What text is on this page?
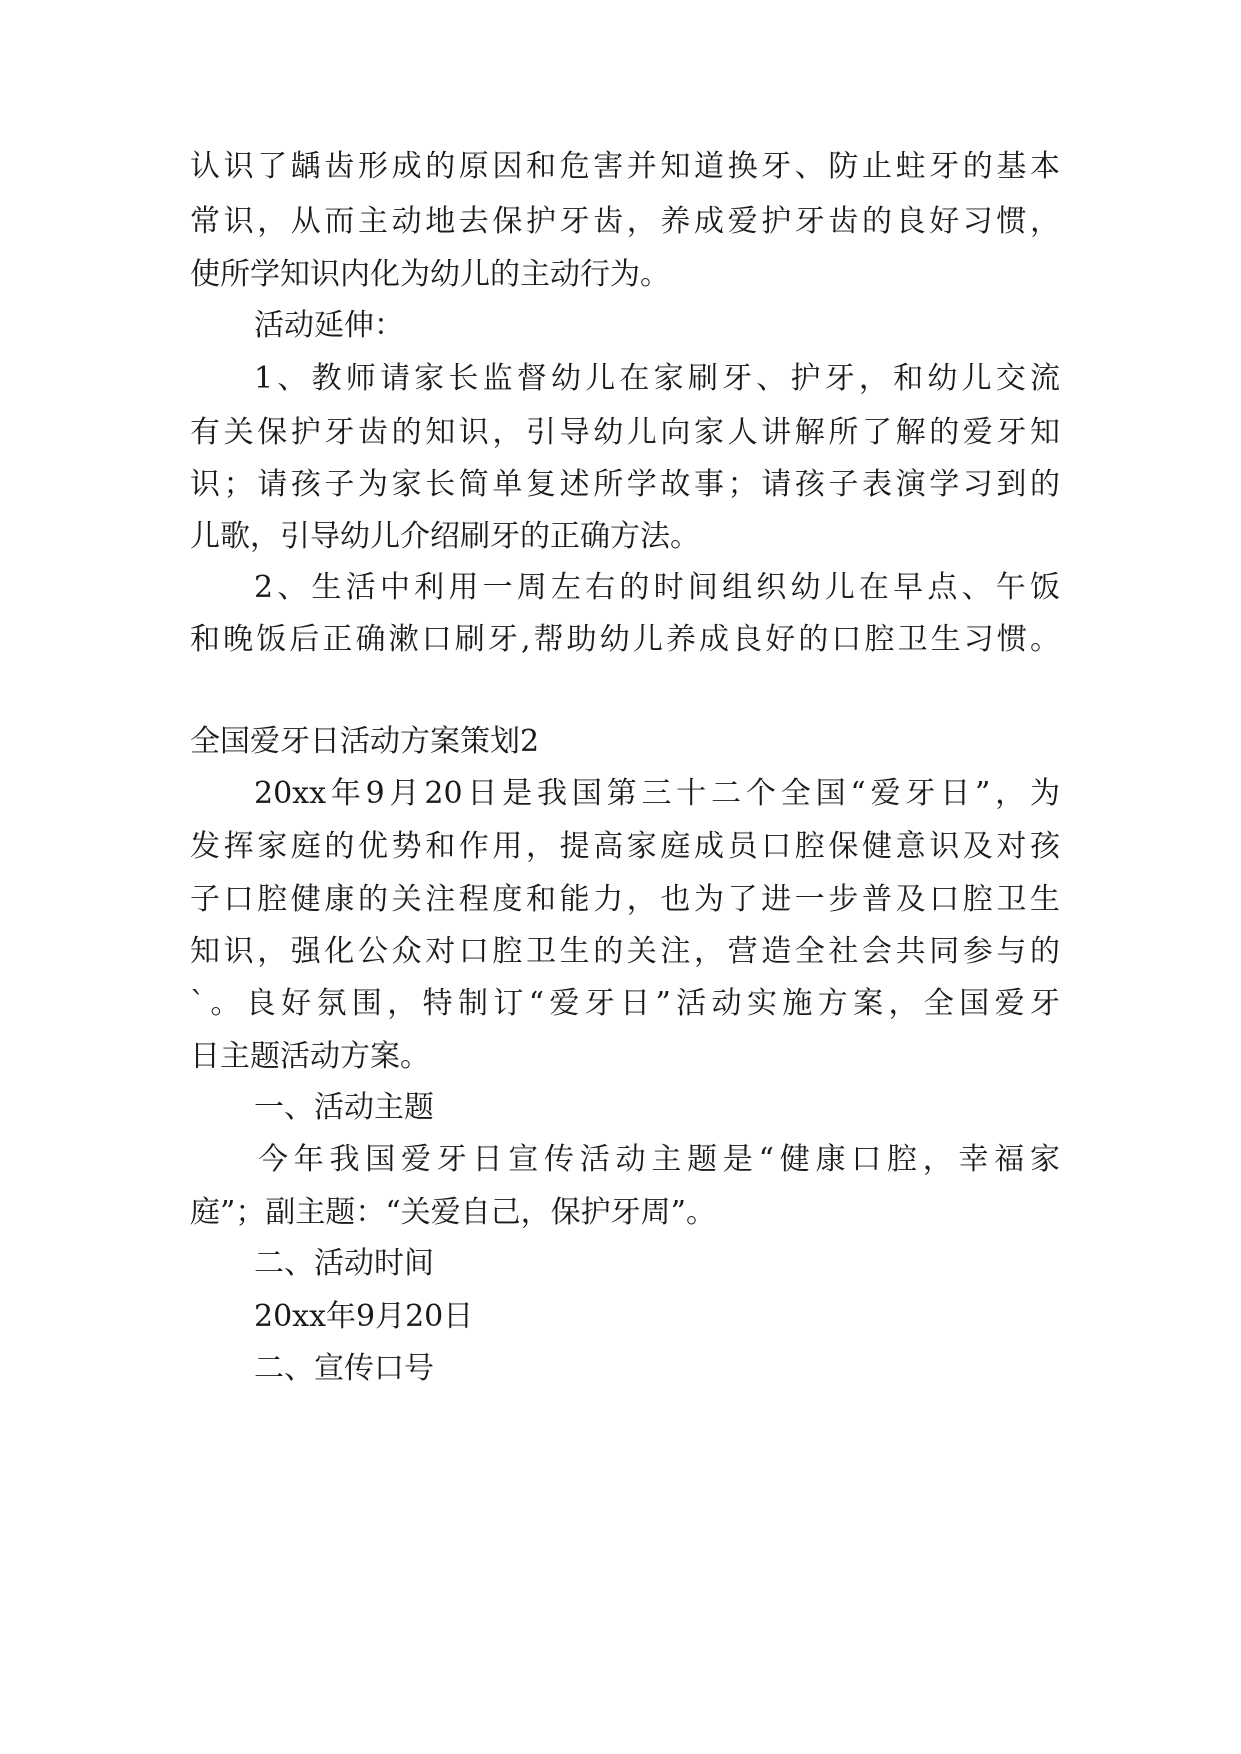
认识了龋齿形成的原因和危害并知道换牙、防止蛀牙的基本
常识，从而主动地去保护牙齿，养成爱护牙齿的良好习惯，
使所学知识内化为幼儿的主动行为。
活动延伸：
1、教师请家长监督幼儿在家刷牙、护牙，和幼儿交流
有关保护牙齿的知识，引导幼儿向家人讲解所了解的爱牙知
识；请孩子为家长简单复述所学故事；请孩子表演学习到的
儿歌，引导幼儿介绍刷牙的正确方法。
2、生活中利用一周左右的时间组织幼儿在早点、午饭
和晚饭后正确漱口刷牙,帮助幼儿养成良好的口腔卫生习惯。
全国爱牙日活动方案策划2
20xx年9月20日是我国第三十二个全国“爱牙日”，为
发挥家庭的优势和作用，提高家庭成员口腔保健意识及对孩
子口腔健康的关注程度和能力，也为了进一步普及口腔卫生
知识，强化公众对口腔卫生的关注，营造全社会共同参与的
`。良好氛围，特制订“爱牙日”活动实施方案，全国爱牙
日主题活动方案。
一、活动主题
今年我国爱牙日宣传活动主题是“健康口腔，幸福家
庭”；副主题：“关爱自己，保护牙周”。
二、活动时间
20xx年9月20日
二、宣传口号
